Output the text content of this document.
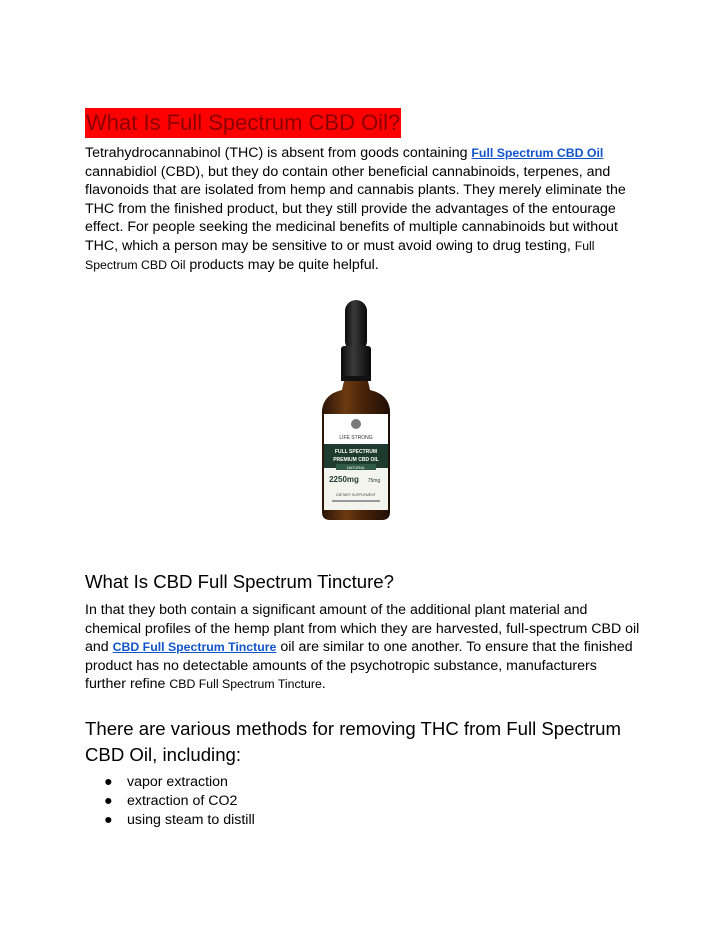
What Is Full Spectrum CBD Oil?

Tetrahydrocannabinol (THC) is absent from goods containing Full Spectrum CBD Oil cannabidiol (CBD), but they do contain other beneficial cannabinoids, terpenes, and flavonoids that are isolated from hemp and cannabis plants. They merely eliminate the THC from the finished product, but they still provide the advantages of the entourage effect. For people seeking the medicinal benefits of multiple cannabinoids but without THC, which a person may be sensitive to or must avoid owing to drug testing, Full Spectrum CBD Oil products may be quite helpful.

LIFE STRONG
FULL SPECTRUM
PREMIUM CBD OIL
NATURAL
2250mg 75mg
DIETARY SUPPLEMENT
What Is CBD Full Spectrum Tincture?

In that they both contain a significant amount of the additional plant material and chemical profiles of the hemp plant from which they are harvested, full-spectrum CBD oil and CBD Full Spectrum Tincture oil are similar to one another. To ensure that the finished product has no detectable amounts of the psychotropic substance, manufacturers further refine CBD Full Spectrum Tincture.

There are various methods for removing THC from Full Spectrum CBD Oil, including:
● vapor extraction
● extraction of CO2
● using steam to distill
